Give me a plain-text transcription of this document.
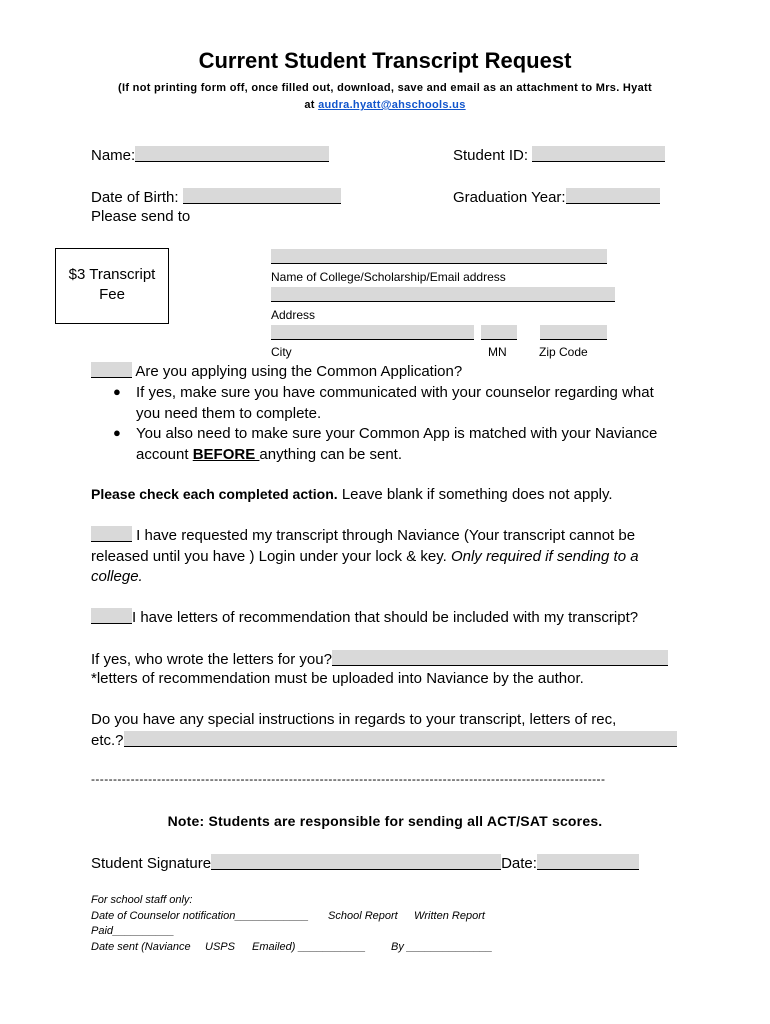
Current Student Transcript Request
(If not printing form off, once filled out, download, save and email as an attachment to Mrs. Hyatt
at audra.hyatt@ahschools.us
Name:	Student ID:
Date of Birth:	Graduation Year:
Please send to
$3 Transcript
Fee
Name of College/Scholarship/Email address
Address
City	MN	Zip Code
Are you applying using the Common Application?
● If yes, make sure you have communicated with your counselor regarding what
you need them to complete.
● You also need to make sure your Common App is matched with your Naviance
account BEFORE anything can be sent.
Please check each completed action. Leave blank if something does not apply.
I have requested my transcript through Naviance (Your transcript cannot be
released until you have ) Login under your lock & key. Only required if sending to a
college.
I have letters of recommendation that should be included with my transcript?
If yes, who wrote the letters for you?
*letters of recommendation must be uploaded into Naviance by the author.
Do you have any special instructions in regards to your transcript, letters of rec,
etc.?
---------------------------------------------------------------------------------------------------------------------
Note: Students are responsible for sending all ACT/SAT scores.
Student Signature	Date:
For school staff only:
Date of Counselor notification____________ School Report Written Report
Paid__________
Date sent (Naviance USPS Emailed) ___________ By ______________
